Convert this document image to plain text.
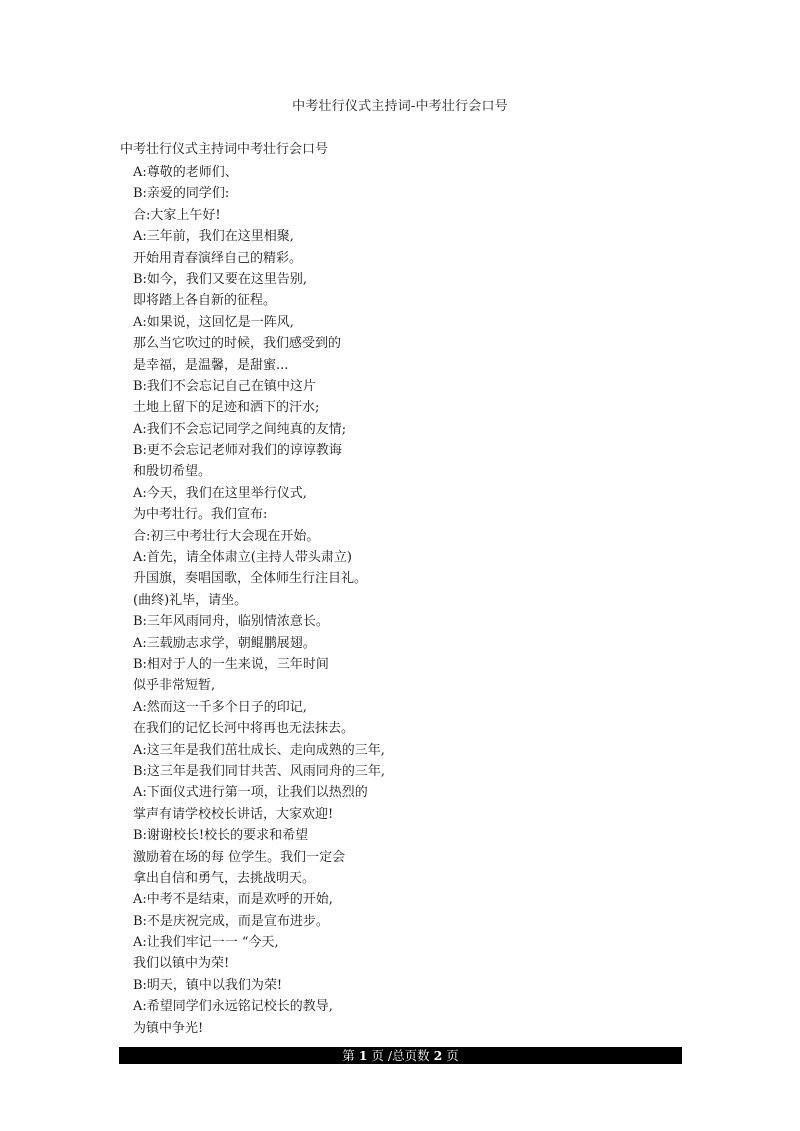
中考壮行仪式主持词-中考壮行会口号
中考壮行仪式主持词中考壮行会口号
A:尊敬的老师们、
B:亲爱的同学们:
合:大家上午好!
A:三年前，我们在这里相聚,
开始用青春演绎自己的精彩。
B:如今，我们又要在这里告别,
即将踏上各自新的征程。
A:如果说，这回忆是一阵风,
那么当它吹过的时候，我们感受到的
是幸福，是温馨，是甜蜜...
B:我们不会忘记自己在镇中这片
土地上留下的足迹和洒下的汗水;
A:我们不会忘记同学之间纯真的友情;
B:更不会忘记老师对我们的谆谆教诲
和殷切希望。
A:今天，我们在这里举行仪式,
为中考壮行。我们宣布:
合:初三中考壮行大会现在开始。
A:首先，请全体肃立(主持人带头肃立)
升国旗，奏唱国歌，全体师生行注目礼。
(曲终)礼毕，请坐。
B:三年风雨同舟，临别情浓意长。
A:三载励志求学，朝鲲鹏展翅。
B:相对于人的一生来说，三年时间
似乎非常短暂,
A:然而这一千多个日子的印记,
在我们的记忆长河中将再也无法抹去。
A:这三年是我们茁壮成长、走向成熟的三年,
B:这三年是我们同甘共苦、风雨同舟的三年,
A:下面仪式进行第一项，让我们以热烈的
掌声有请学校校长讲话，大家欢迎!
B:谢谢校长!校长的要求和希望
激励着在场的每 位学生。我们一定会
拿出自信和勇气，去挑战明天。
A:中考不是结束，而是欢呼的开始,
B:不是庆祝完成，而是宣布进步。
A:让我们牢记一一 “今天,
我们以镇中为荣!
B:明天，镇中以我们为荣!
A:希望同学们永远铭记校长的教导,
为镇中争光!
第 1 页 /总页数 2 页
